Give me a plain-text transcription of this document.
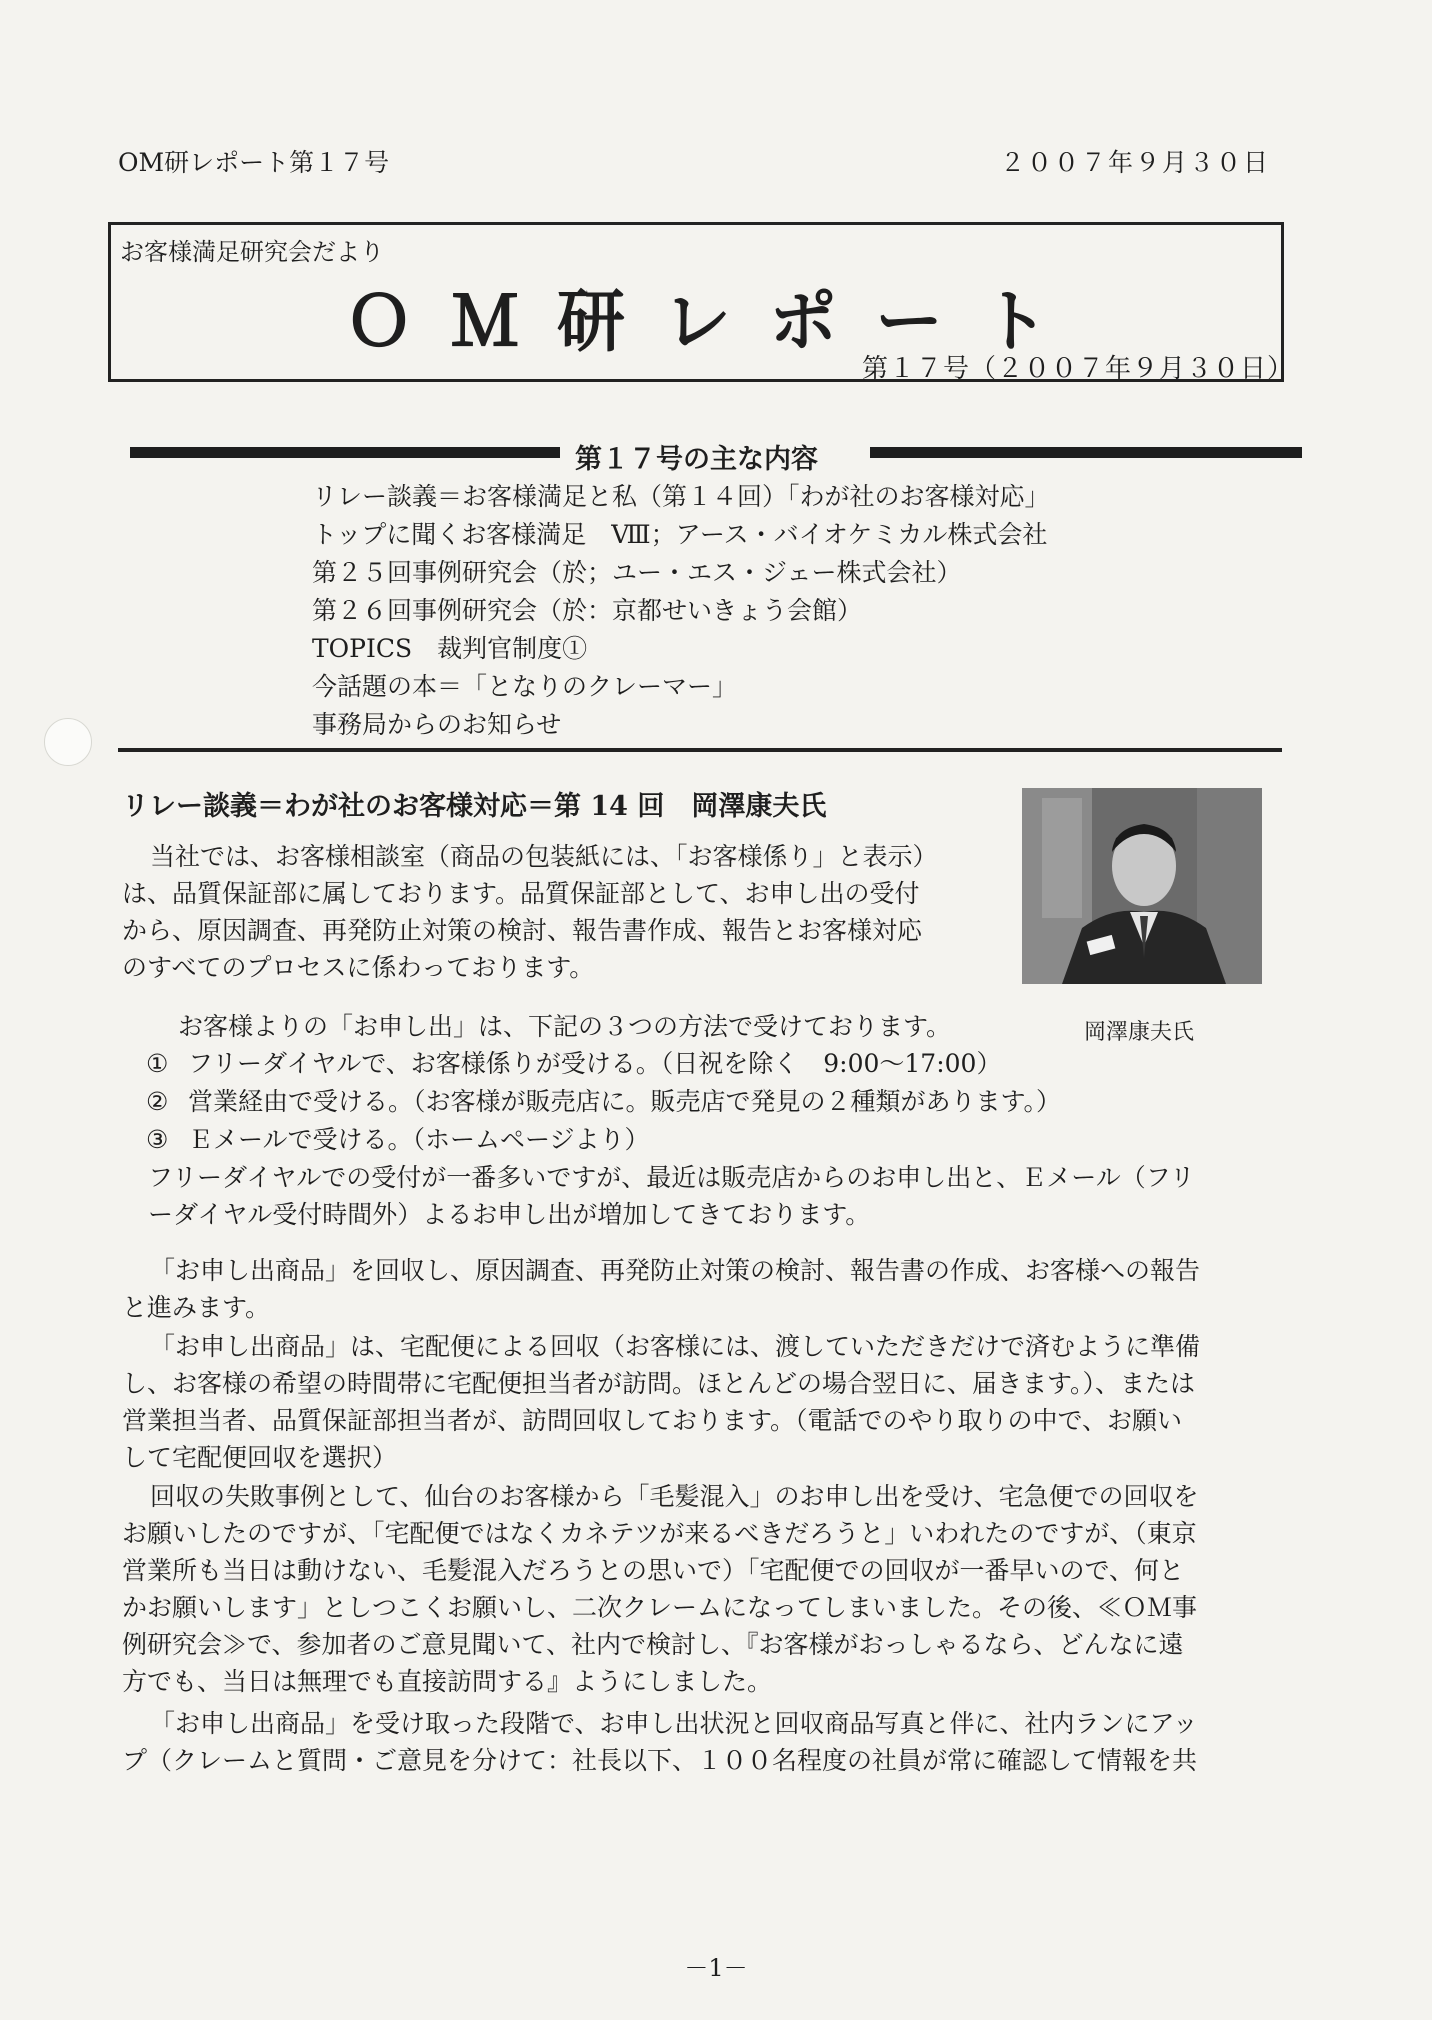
OM研レポート第１７号	２００７年９月３０日
お客様満足研究会だより
ＯＭ研レポート
第１７号（２００７年９月３０日）
第１７号の主な内容
リレー談義＝お客様満足と私（第１４回）「わが社のお客様対応」
トップに聞くお客様満足　Ⅷ；アース・バイオケミカル株式会社
第２５回事例研究会（於；ユー・エス・ジェー株式会社）
第２６回事例研究会（於：京都せいきょう会館）
TOPICS　裁判官制度①
今話題の本＝「となりのクレーマー」
事務局からのお知らせ
リレー談義＝わが社のお客様対応＝第 14 回　岡澤康夫氏
岡澤康夫氏
当社では、お客様相談室（商品の包装紙には、「お客様係り」と表示）
は、品質保証部に属しております。品質保証部として、お申し出の受付
から、原因調査、再発防止対策の検討、報告書作成、報告とお客様対応
のすべてのプロセスに係わっております。
お客様よりの「お申し出」は、下記の３つの方法で受けております。
① フリーダイヤルで、お客様係りが受ける。（日祝を除く　9:00～17:00）
② 営業経由で受ける。（お客様が販売店に。販売店で発見の２種類があります。）
③ Ｅメールで受ける。（ホームページより）
フリーダイヤルでの受付が一番多いですが、最近は販売店からのお申し出と、Ｅメール（フリ
ーダイヤル受付時間外）よるお申し出が増加してきております。
「お申し出商品」を回収し、原因調査、再発防止対策の検討、報告書の作成、お客様への報告
と進みます。
「お申し出商品」は、宅配便による回収（お客様には、渡していただきだけで済むように準備
し、お客様の希望の時間帯に宅配便担当者が訪問。ほとんどの場合翌日に、届きます。）、または
営業担当者、品質保証部担当者が、訪問回収しております。（電話でのやり取りの中で、お願い
して宅配便回収を選択）
回収の失敗事例として、仙台のお客様から「毛髪混入」のお申し出を受け、宅急便での回収を
お願いしたのですが、「宅配便ではなくカネテツが来るべきだろうと」いわれたのですが、（東京
営業所も当日は動けない、毛髪混入だろうとの思いで）「宅配便での回収が一番早いので、何と
かお願いします」としつこくお願いし、二次クレームになってしまいました。その後、≪ＯＭ事
例研究会≫で、参加者のご意見聞いて、社内で検討し、『お客様がおっしゃるなら、どんなに遠
方でも、当日は無理でも直接訪問する』ようにしました。
「お申し出商品」を受け取った段階で、お申し出状況と回収商品写真と伴に、社内ランにアッ
プ（クレームと質問・ご意見を分けて：社長以下、１００名程度の社員が常に確認して情報を共
－1－
